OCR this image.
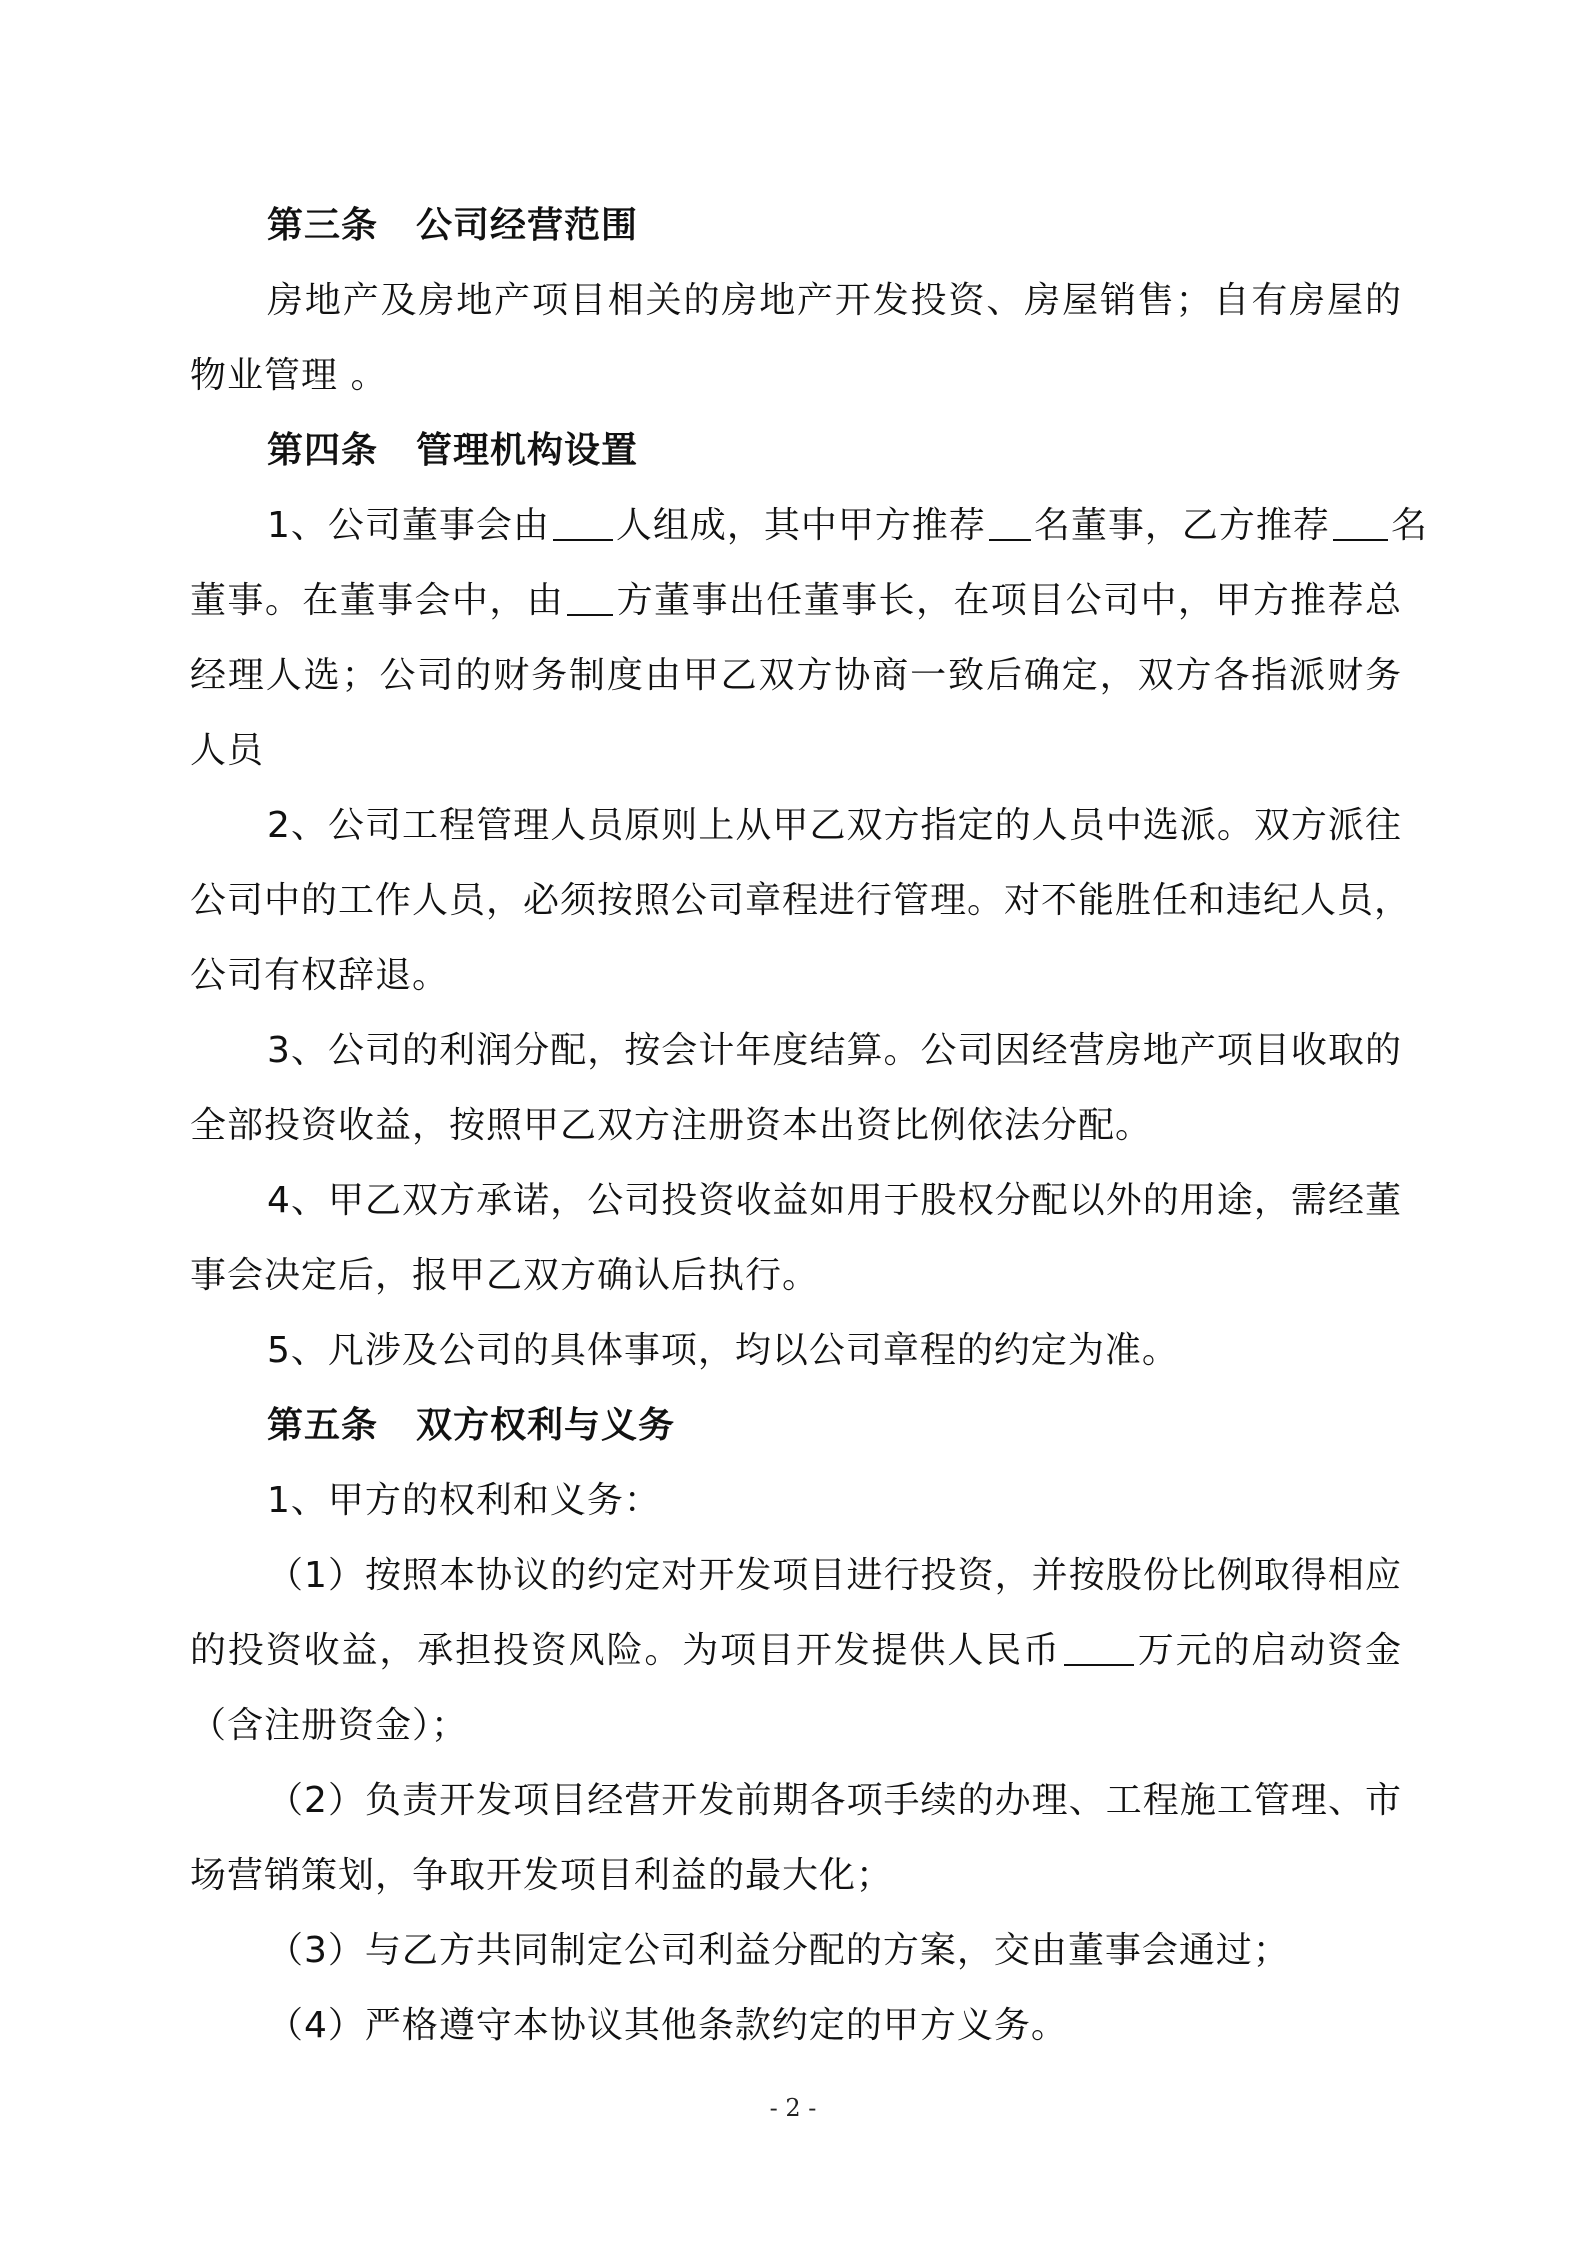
第三条 公司经营范围
房地产及房地产项目相关的房地产开发投资、房屋销售；自有房屋的
物业管理 。
第四条 管理机构设置
1、公司董事会由 人组成，其中甲方推荐 名董事，乙方推荐 名
董事。在董事会中，由 方董事出任董事长，在项目公司中，甲方推荐总
经理人选；公司的财务制度由甲乙双方协商一致后确定，双方各指派财务
人员
2、公司工程管理人员原则上从甲乙双方指定的人员中选派。双方派往
公司中的工作人员，必须按照公司章程进行管理。对不能胜任和违纪人员，
公司有权辞退。
3、公司的利润分配，按会计年度结算。公司因经营房地产项目收取的
全部投资收益，按照甲乙双方注册资本出资比例依法分配。
4、甲乙双方承诺，公司投资收益如用于股权分配以外的用途，需经董
事会决定后，报甲乙双方确认后执行。
5、凡涉及公司的具体事项，均以公司章程的约定为准。
第五条 双方权利与义务
1、甲方的权利和义务：
（1）按照本协议的约定对开发项目进行投资，并按股份比例取得相应
的投资收益，承担投资风险。为项目开发提供人民币 万元的启动资金
（含注册资金）；
（2）负责开发项目经营开发前期各项手续的办理、工程施工管理、市
场营销策划，争取开发项目利益的最大化；
（3）与乙方共同制定公司利益分配的方案，交由董事会通过；
（4）严格遵守本协议其他条款约定的甲方义务。
- 2 -
